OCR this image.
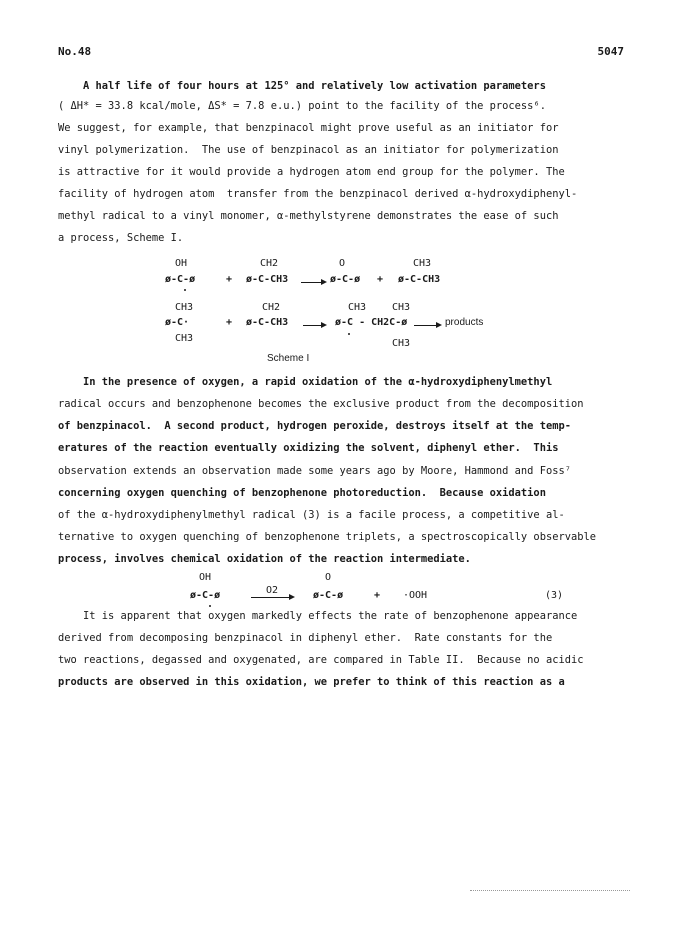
No.48	5047
A half life of four hours at 125° and relatively low activation parameters
( ΔH* = 33.8 kcal/mole, ΔS* = 7.8 e.u.) point to the facility of the process⁶.
We suggest, for example, that benzpinacol might prove useful as an initiator for
vinyl polymerization.  The use of benzpinacol as an initiator for polymerization
is attractive for it would provide a hydrogen atom end group for the polymer. The
facility of hydrogen atom  transfer from the benzpinacol derived α-hydroxydiphenyl-
methyl radical to a vinyl monomer, α-methylstyrene demonstrates the ease of such
a process, Scheme I.
OH	CH2	O	CH3
ø-C-ø	+ ø-C-CH3 → ø-C-ø + ø-C-CH3
CH3	CH2	CH3	CH3
ø-C·	+ ø-C-CH3 → ø-C - CH2C-ø → products
CH3	CH3
Scheme I
In the presence of oxygen, a rapid oxidation of the α-hydroxydiphenylmethyl
radical occurs and benzophenone becomes the exclusive product from the decomposition
of benzpinacol.  A second product, hydrogen peroxide, destroys itself at the temp-
eratures of the reaction eventually oxidizing the solvent, diphenyl ether.  This
observation extends an observation made some years ago by Moore, Hammond and Foss⁷
concerning oxygen quenching of benzophenone photoreduction.  Because oxidation
of the α-hydroxydiphenylmethyl radical (3) is a facile process, a competitive al-
ternative to oxygen quenching of benzophenone triplets, a spectroscopically observable
process, involves chemical oxidation of the reaction intermediate.
OH
ø-C-ø	O2
O
ø-C-ø	+ ·OOH	(3)
It is apparent that oxygen markedly effects the rate of benzophenone appearance
derived from decomposing benzpinacol in diphenyl ether.  Rate constants for the
two reactions, degassed and oxygenated, are compared in Table II.  Because no acidic
products are observed in this oxidation, we prefer to think of this reaction as a
